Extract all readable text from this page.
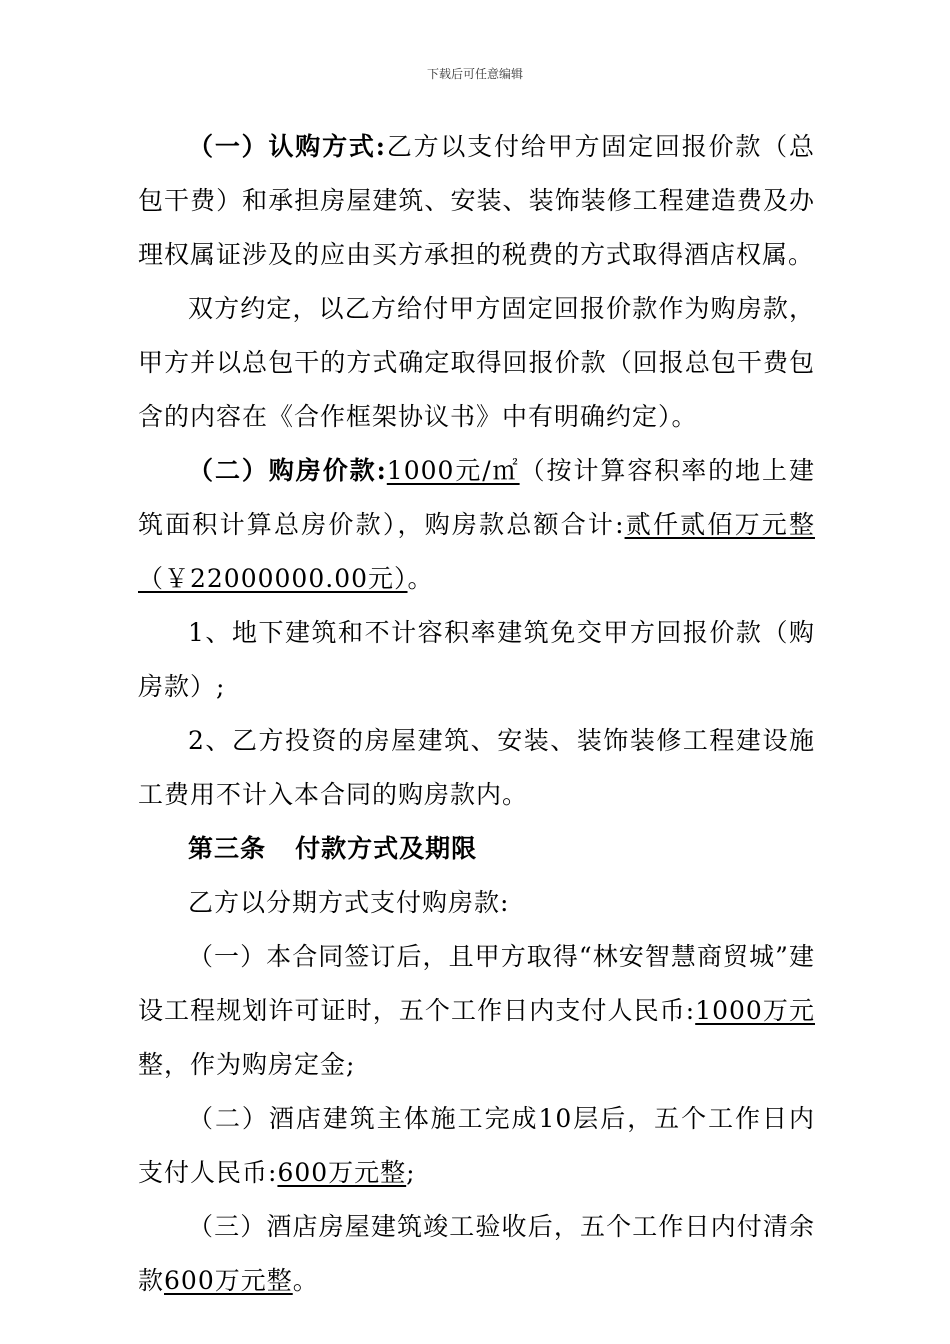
下载后可任意编辑

（一）认购方式:乙方以支付给甲方固定回报价款（总包干费）和承担房屋建筑、安装、装饰装修工程建造费及办理权属证涉及的应由买方承担的税费的方式取得酒店权属。

双方约定，以乙方给付甲方固定回报价款作为购房款，甲方并以总包干的方式确定取得回报价款（回报总包干费包含的内容在《合作框架协议书》中有明确约定）。

（二）购房价款:1000元/㎡（按计算容积率的地上建筑面积计算总房价款），购房款总额合计:贰仟贰佰万元整（￥22000000.00元）。

1、地下建筑和不计容积率建筑免交甲方回报价款（购房款）;

2、乙方投资的房屋建筑、安装、装饰装修工程建设施工费用不计入本合同的购房款内。

第三条   付款方式及期限

乙方以分期方式支付购房款:

（一）本合同签订后，且甲方取得“林安智慧商贸城”建设工程规划许可证时，五个工作日内支付人民币:1000万元整，作为购房定金;

（二）酒店建筑主体施工完成10层后，五个工作日内支付人民币:600万元整;

（三）酒店房屋建筑竣工验收后，五个工作日内付清余款600万元整。
